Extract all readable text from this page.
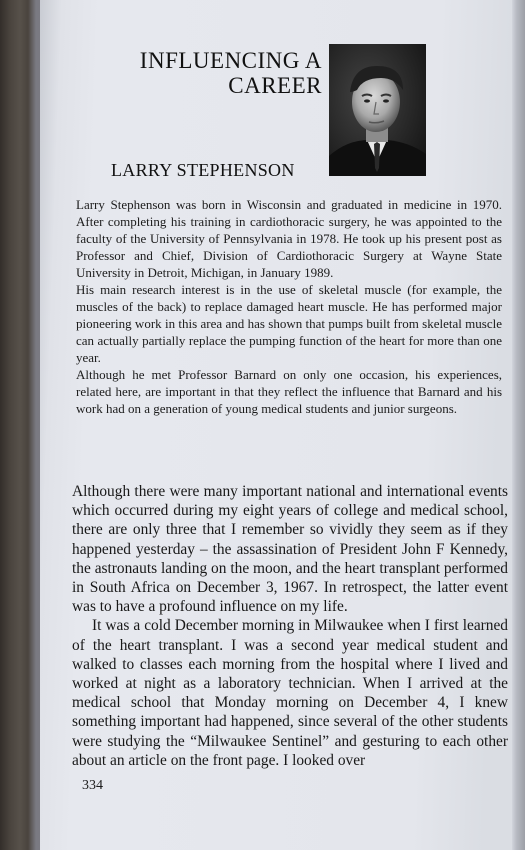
INFLUENCING A
CAREER
LARRY STEPHENSON

Larry Stephenson was born in Wisconsin and graduated in medicine in 1970. After completing his training in cardiothoracic surgery, he was appointed to the faculty of the University of Pennsylvania in 1978. He took up his present post as Professor and Chief, Division of Cardiothoracic Surgery at Wayne State University in Detroit, Michigan, in January 1989.

His main research interest is in the use of skeletal muscle (for example, the muscles of the back) to replace damaged heart muscle. He has performed major pioneering work in this area and has shown that pumps built from skeletal muscle can actually partially replace the pumping function of the heart for more than one year.

Although he met Professor Barnard on only one occasion, his experiences, related here, are important in that they reflect the influence that Barnard and his work had on a generation of young medical students and junior surgeons.

Although there were many important national and international events which occurred during my eight years of college and medical school, there are only three that I remember so vividly they seem as if they happened yesterday – the assassination of President John F Kennedy, the astronauts landing on the moon, and the heart transplant performed in South Africa on December 3, 1967. In retrospect, the latter event was to have a profound influence on my life.

It was a cold December morning in Milwaukee when I first learned of the heart transplant. I was a second year medical student and walked to classes each morning from the hospital where I lived and worked at night as a laboratory technician. When I arrived at the medical school that Monday morning on December 4, I knew something important had happened, since several of the other students were studying the “Milwaukee Sentinel” and gesturing to each other about an article on the front page. I looked over

334
